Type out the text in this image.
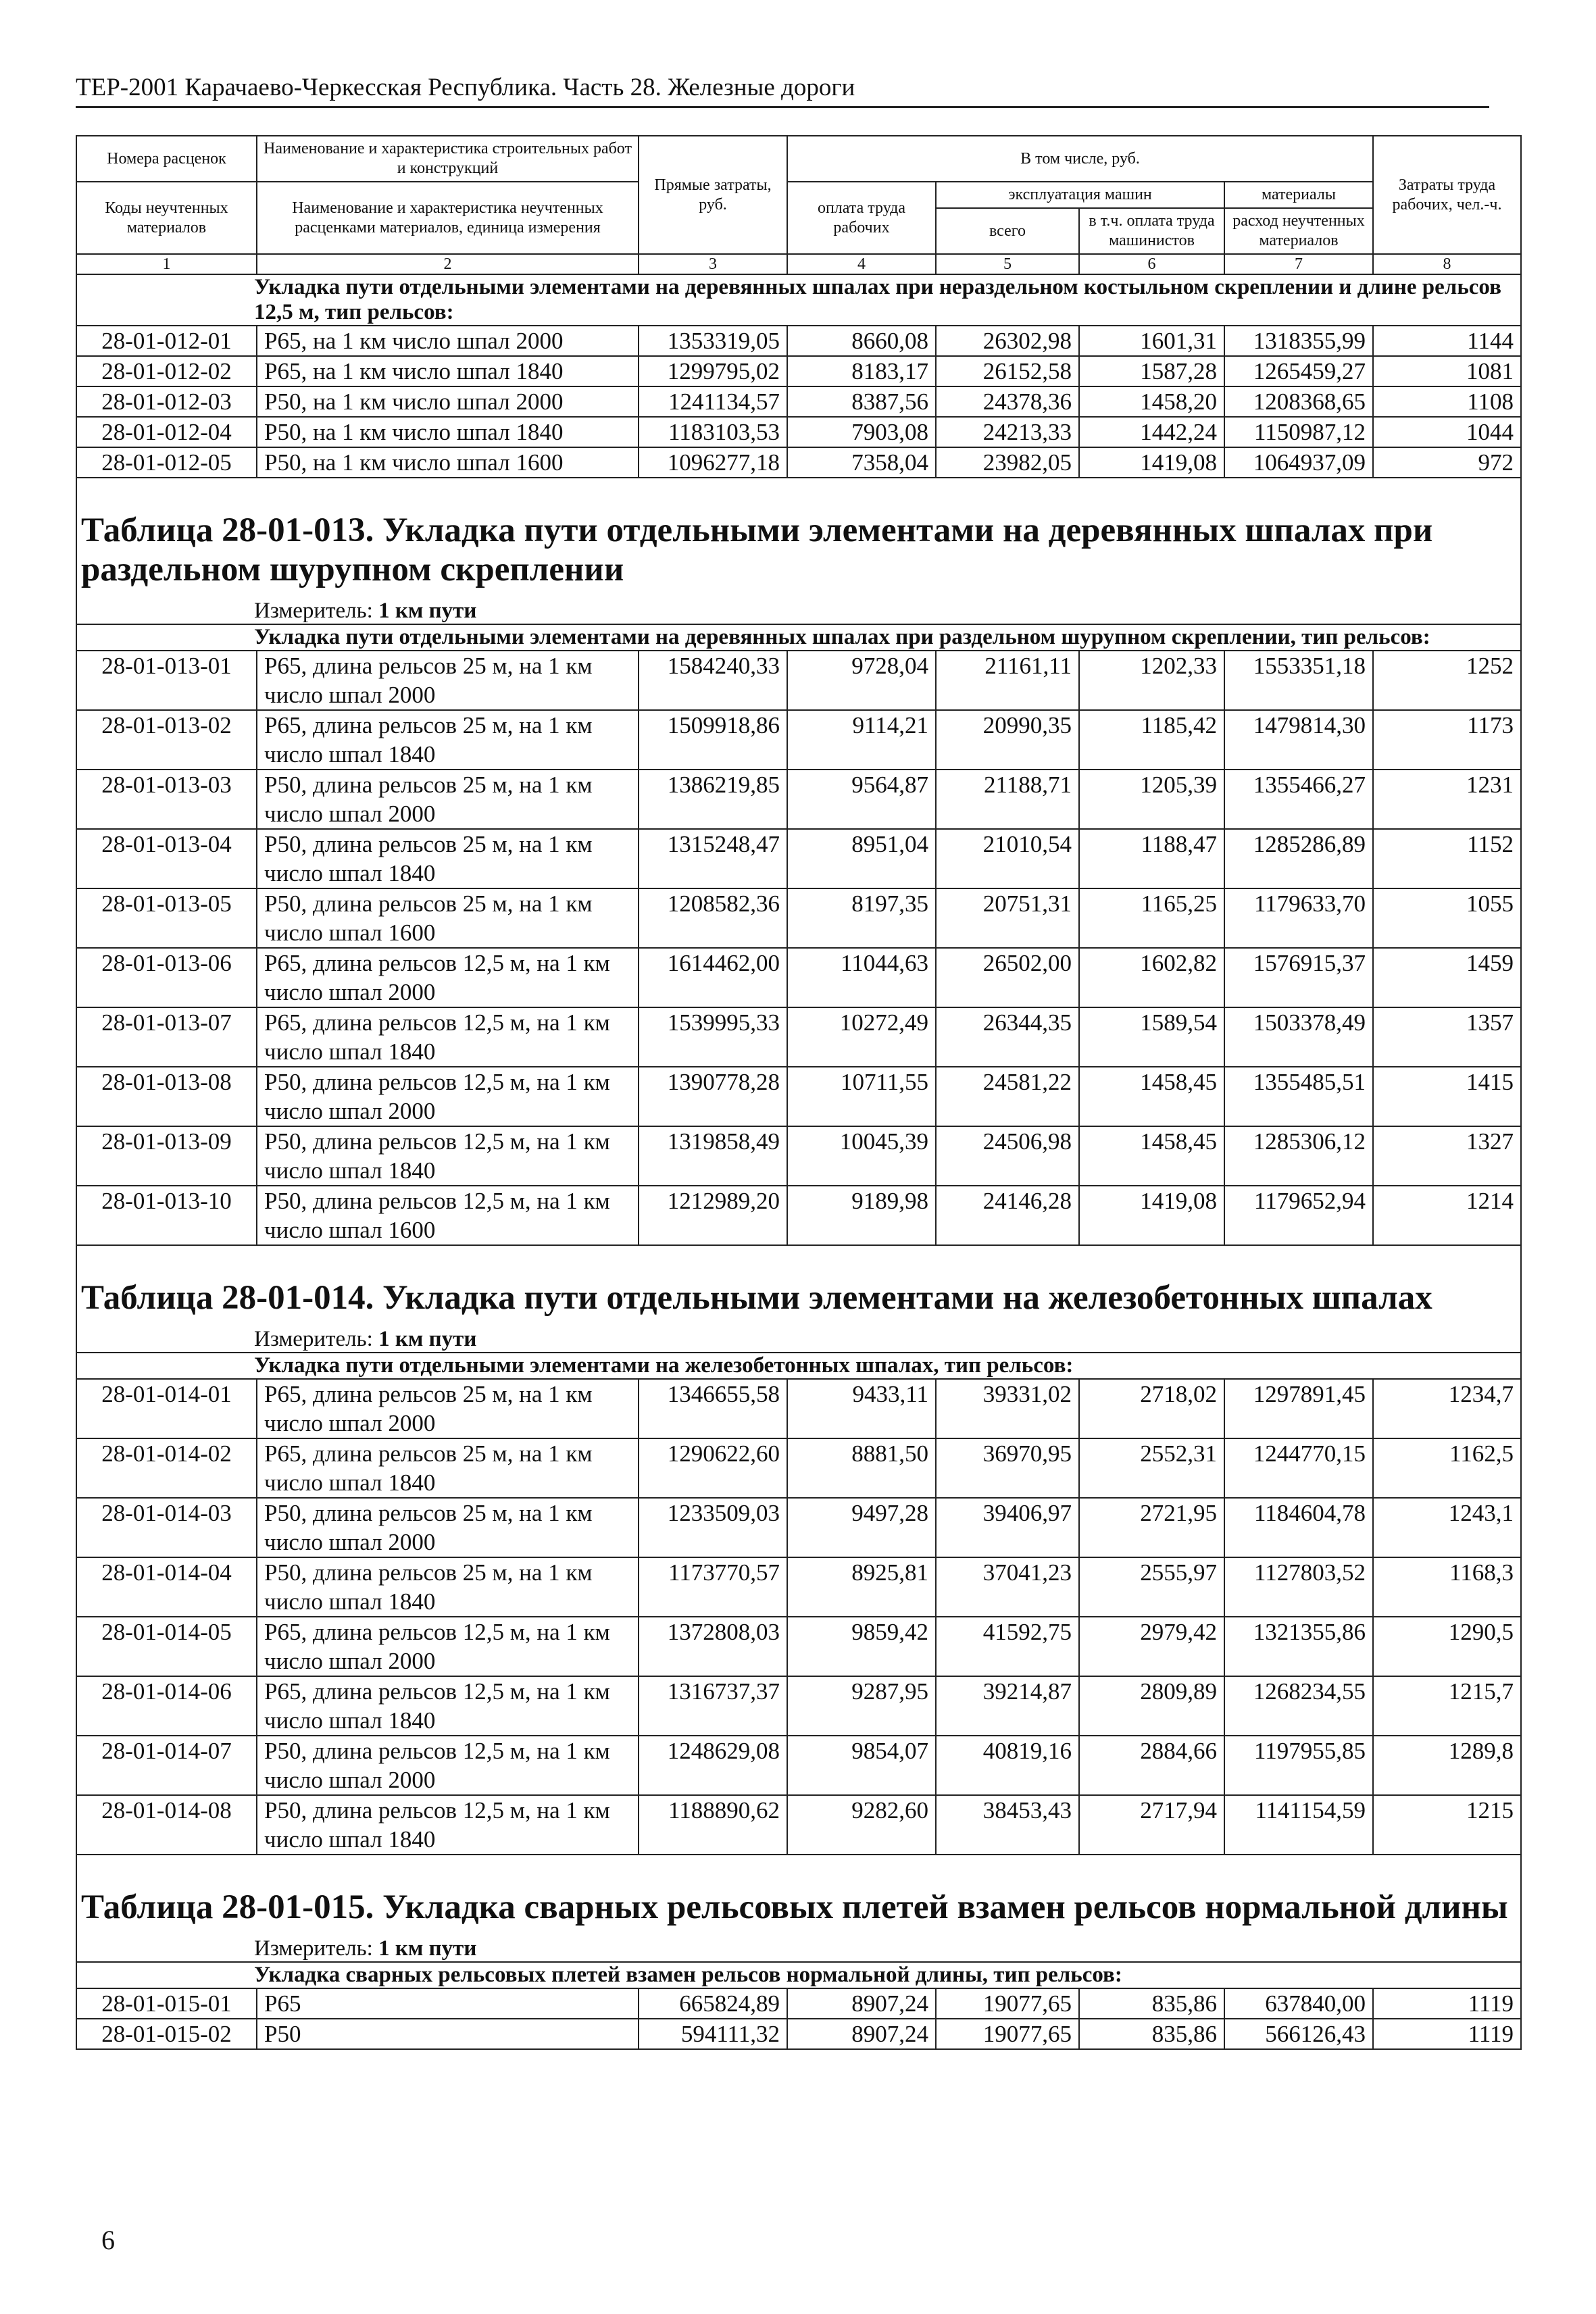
ТЕР-2001 Карачаево-Черкесская Республика. Часть 28. Железные дороги
Номера расценок	Наименование и характеристика строительных работ и конструкций	Прямые затраты, руб.	В том числе, руб.				Затраты труда рабочих, чел.-ч.
Коды неучтенных материалов	Наименование и характеристика неучтенных расценками материалов, единица измерения		оплата труда рабочих	эксплуатация машин		материалы	
				всего	в т.ч. оплата труда машинистов	расход неучтенных материалов	

1	2	3	4	5	6	7	8
Укладка пути отдельными элементами на деревянных шпалах при нераздельном костыльном скреплении и длине рельсов 12,5 м, тип рельсов:							
28-01-012-01	Р65, на 1 км число шпал 2000	1353319,05	8660,08	26302,98	1601,31	1318355,99	1144
28-01-012-02	Р65, на 1 км число шпал 1840	1299795,02	8183,17	26152,58	1587,28	1265459,27	1081
28-01-012-03	Р50, на 1 км число шпал 2000	1241134,57	8387,56	24378,36	1458,20	1208368,65	1108
28-01-012-04	Р50, на 1 км число шпал 1840	1183103,53	7903,08	24213,33	1442,24	1150987,12	1044
28-01-012-05	Р50, на 1 км число шпал 1600	1096277,18	7358,04	23982,05	1419,08	1064937,09	972
Таблица 28-01-013. Укладка пути отдельными элементами на деревянных шпалах при раздельном шурупном скреплении							
Измеритель: 1 км пути							
Укладка пути отдельными элементами на деревянных шпалах при раздельном шурупном скреплении, тип рельсов:							
28-01-013-01	Р65, длина рельсов 25 м, на 1 км число шпал 2000	1584240,33	9728,04	21161,11	1202,33	1553351,18	1252
28-01-013-02	Р65, длина рельсов 25 м, на 1 км число шпал 1840	1509918,86	9114,21	20990,35	1185,42	1479814,30	1173
28-01-013-03	Р50, длина рельсов 25 м, на 1 км число шпал 2000	1386219,85	9564,87	21188,71	1205,39	1355466,27	1231
28-01-013-04	Р50, длина рельсов 25 м, на 1 км число шпал 1840	1315248,47	8951,04	21010,54	1188,47	1285286,89	1152
28-01-013-05	Р50, длина рельсов 25 м, на 1 км число шпал 1600	1208582,36	8197,35	20751,31	1165,25	1179633,70	1055
28-01-013-06	Р65, длина рельсов 12,5 м, на 1 км число шпал 2000	1614462,00	11044,63	26502,00	1602,82	1576915,37	1459
28-01-013-07	Р65, длина рельсов 12,5 м, на 1 км число шпал 1840	1539995,33	10272,49	26344,35	1589,54	1503378,49	1357
28-01-013-08	Р50, длина рельсов 12,5 м, на 1 км число шпал 2000	1390778,28	10711,55	24581,22	1458,45	1355485,51	1415
28-01-013-09	Р50, длина рельсов 12,5 м, на 1 км число шпал 1840	1319858,49	10045,39	24506,98	1458,45	1285306,12	1327
28-01-013-10	Р50, длина рельсов 12,5 м, на 1 км число шпал 1600	1212989,20	9189,98	24146,28	1419,08	1179652,94	1214
Таблица 28-01-014. Укладка пути отдельными элементами на железобетонных шпалах							
Измеритель: 1 км пути							
Укладка пути отдельными элементами на железобетонных шпалах, тип рельсов:							
28-01-014-01	Р65, длина рельсов 25 м, на 1 км число шпал 2000	1346655,58	9433,11	39331,02	2718,02	1297891,45	1234,7
28-01-014-02	Р65, длина рельсов 25 м, на 1 км число шпал 1840	1290622,60	8881,50	36970,95	2552,31	1244770,15	1162,5
28-01-014-03	Р50, длина рельсов 25 м, на 1 км число шпал 2000	1233509,03	9497,28	39406,97	2721,95	1184604,78	1243,1
28-01-014-04	Р50, длина рельсов 25 м, на 1 км число шпал 1840	1173770,57	8925,81	37041,23	2555,97	1127803,52	1168,3
28-01-014-05	Р65, длина рельсов 12,5 м, на 1 км число шпал 2000	1372808,03	9859,42	41592,75	2979,42	1321355,86	1290,5
28-01-014-06	Р65, длина рельсов 12,5 м, на 1 км число шпал 1840	1316737,37	9287,95	39214,87	2809,89	1268234,55	1215,7
28-01-014-07	Р50, длина рельсов 12,5 м, на 1 км число шпал 2000	1248629,08	9854,07	40819,16	2884,66	1197955,85	1289,8
28-01-014-08	Р50, длина рельсов 12,5 м, на 1 км число шпал 1840	1188890,62	9282,60	38453,43	2717,94	1141154,59	1215
Таблица 28-01-015. Укладка сварных рельсовых плетей взамен рельсов нормальной длины							
Измеритель: 1 км пути							
Укладка сварных рельсовых плетей взамен рельсов нормальной длины, тип рельсов:							
28-01-015-01	Р65	665824,89	8907,24	19077,65	835,86	637840,00	1119
28-01-015-02	Р50	594111,32	8907,24	19077,65	835,86	566126,43	1119
6
